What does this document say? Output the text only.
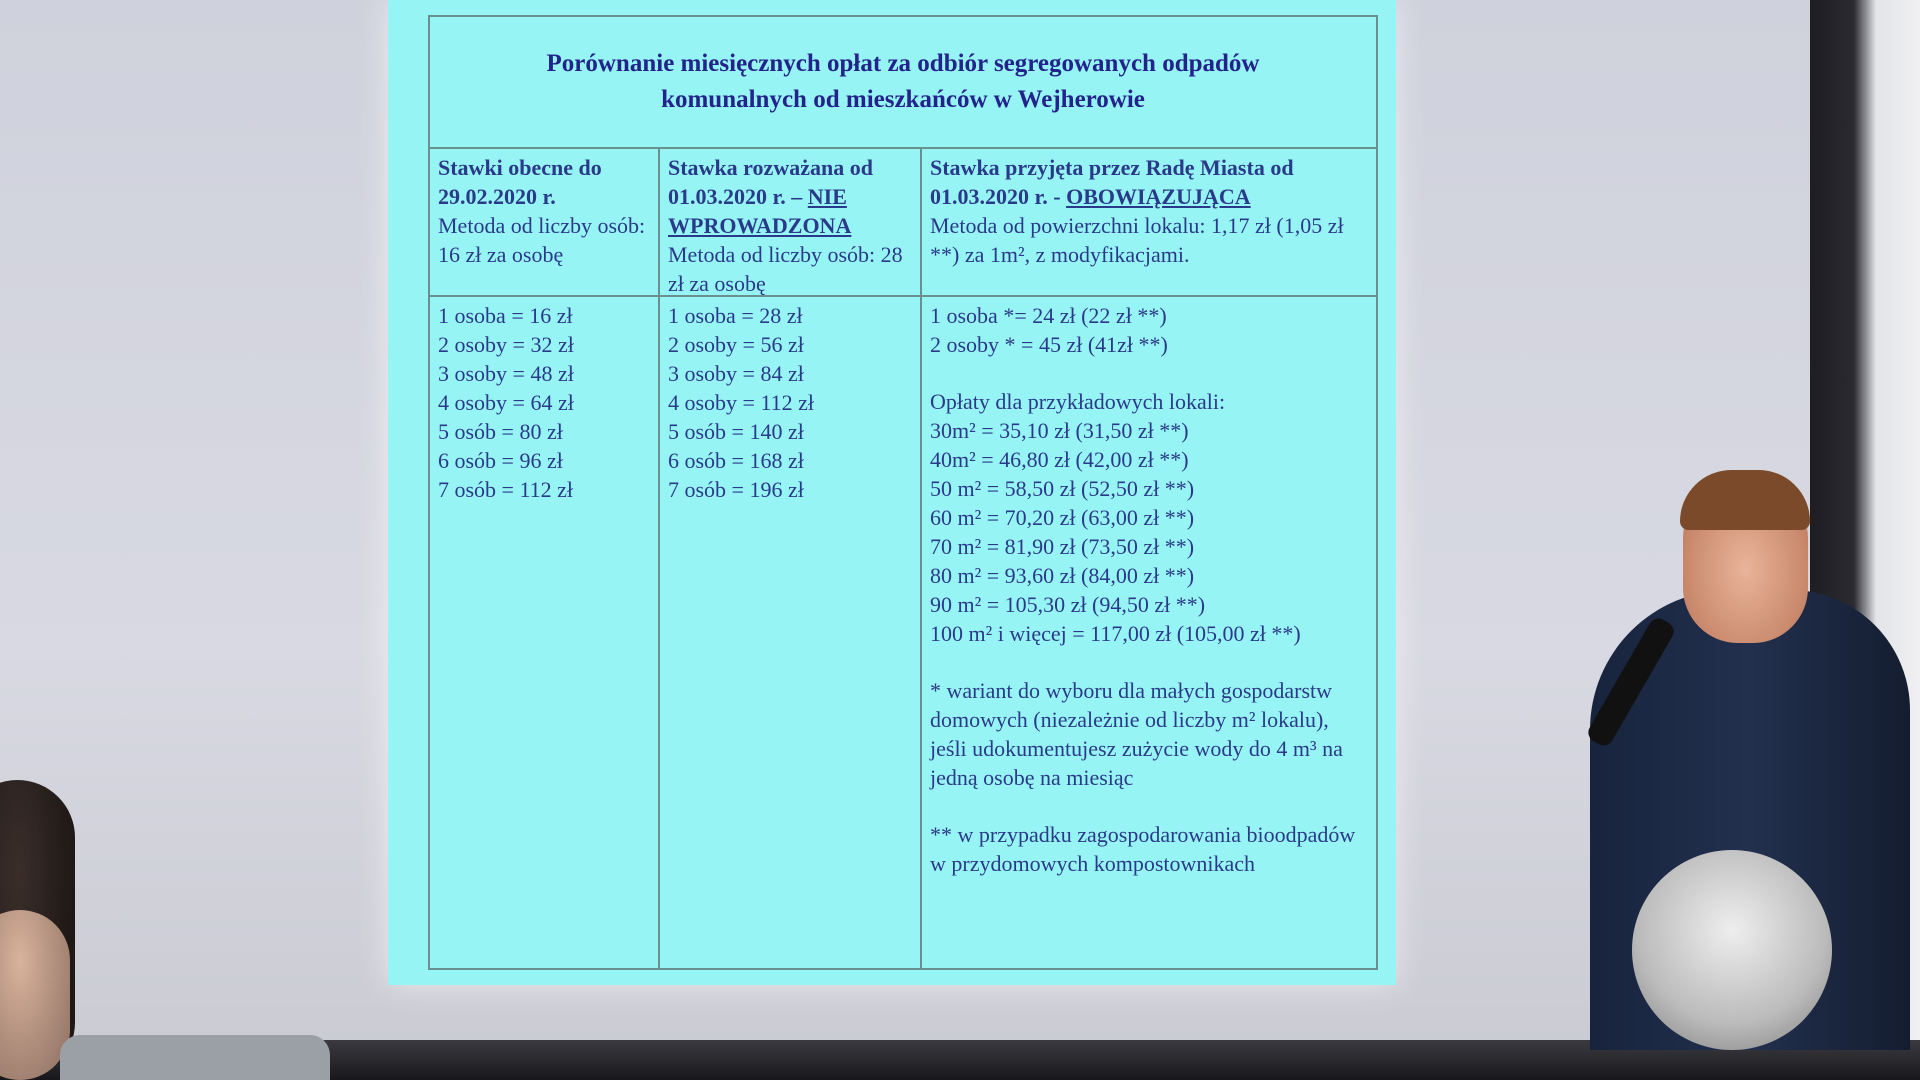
Porównanie miesięcznych opłat za odbiór segregowanych odpadów komunalnych od mieszkańców w Wejherowie
Stawki obecne do 29.02.2020 r.
Metoda od liczby osób: 16 zł za osobę
1 osoba = 16 zł
2 osoby = 32 zł
3 osoby = 48 zł
4 osoby = 64 zł
5 osób = 80 zł
6 osób = 96 zł
7 osób = 112 zł
Stawka rozważana od 01.03.2020 r. – NIE WPROWADZONA
Metoda od liczby osób: 28 zł za osobę
1 osoba = 28 zł
2 osoby = 56 zł
3 osoby = 84 zł
4 osoby = 112 zł
5 osób = 140 zł
6 osób = 168 zł
7 osób = 196 zł
Stawka przyjęta przez Radę Miasta od 01.03.2020 r. - OBOWIĄZUJĄCA
Metoda od powierzchni lokalu: 1,17 zł (1,05 zł **) za 1m², z modyfikacjami.
1 osoba *= 24 zł (22 zł **)
2 osoby * = 45 zł (41zł **)
Opłaty dla przykładowych lokali:
30m² = 35,10 zł (31,50 zł **)
40m² = 46,80 zł (42,00 zł **)
50 m² = 58,50 zł (52,50 zł **)
60 m² = 70,20 zł (63,00 zł **)
70 m² = 81,90 zł (73,50 zł **)
80 m² = 93,60 zł (84,00 zł **)
90 m² = 105,30 zł (94,50 zł **)
100 m² i więcej = 117,00 zł (105,00 zł **)
* wariant do wyboru dla małych gospodarstw domowych (niezależnie od liczby m² lokalu), jeśli udokumentujesz zużycie wody do 4 m³ na jedną osobę na miesiąc
** w przypadku zagospodarowania bioodpadów w przydomowych kompostownikach
